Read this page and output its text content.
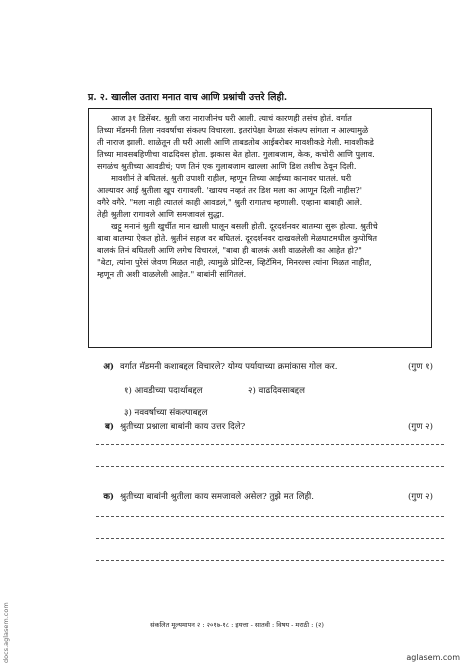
प्र. २. खालील उतारा मनात वाच आणि प्रश्नांची उत्तरे लिही.
आज ३१ डिसेंबर. श्रुती जरा नाराजीनंच घरी आली. त्याचं कारणही तसंच होतं. वर्गात
तिच्या मॅडमनी तिला नववर्षाचा संकल्प विचारला. इतरांपेक्षा वेगळा संकल्प सांगता न आल्यामुळे
ती नाराज झाली. शाळेतून ती घरी आली आणि ताबडतोब आईबरोबर मावशीकडे गेली. मावशीकडे
तिच्या मावसबहिणीचा वाढदिवस होता. झकास बेत होता. गुलाबजाम, केक, कचोरी आणि पुलाव.
सगळंच श्रुतीच्या आवडीचं; पण तिनं एक गुलाबजाम खाल्ला आणि डिश तशीच ठेवून दिली.
मावशीनं ते बघितलं. श्रुती उपाशी राहील, म्हणून तिच्या आईच्या कानावर घातलं. घरी
आल्यावर आई श्रुतीला खूप रागावली. 'खायच नव्हतं तर डिश मला का आणून दिली नाहीस?'
वगैरे वगैरे. "मला नाही त्यातलं काही आवडलं," श्रुती रागातच म्हणाली. एव्हाना बाबाही आले.
तेही श्रुतीला रागावले आणि समजावलं सुद्धा.
खट्टू मनानं श्रुती खुर्चीत मान खाली घालून बसली होती. दूरदर्शनवर बातम्या सुरू होत्या. श्रुतीचे
बाबा बातम्या ऐकत होते. श्रुतीनं सहज वर बघितलं. दूरदर्शनवर दाखवलेली मेळघाटमधील कुपोषित
बालकं तिनं बघितली आणि लगेच विचारलं, "बाबा ही बालकं अशी वाळलेली का आहेत हो?"
"बेटा, त्यांना पुरेसं जेवण मिळत नाही, त्यामुळे प्रोटिन्स, व्हिटॅमिन, मिनरल्स त्यांना मिळत नाहीत,
म्हणून ती अशी वाळलेली आहेत." बाबांनी सांगितलं.
अ) वर्गात मॅडमनी कशाबद्दल विचारले? योग्य पर्यायाच्या क्रमांकास गोल कर.	(गुण १)
१) आवडीच्या पदार्थाबद्दल	२) वाढदिवसाबद्दल
३) नववर्षाच्या संकल्पाबद्दल
ब) श्रुतीच्या प्रश्नाला बाबांनी काय उत्तर दिले?	(गुण २)
क) श्रुतीच्या बाबांनी श्रुतीला काय समजावले असेल? तुझे मत लिही.	(गुण २)
संकलित मूल्यमापन २ : २०१७-१८ : इयत्ता - सातवी : विषय - मराठी : (२)
aglasem.com
docs.aglasem.com
